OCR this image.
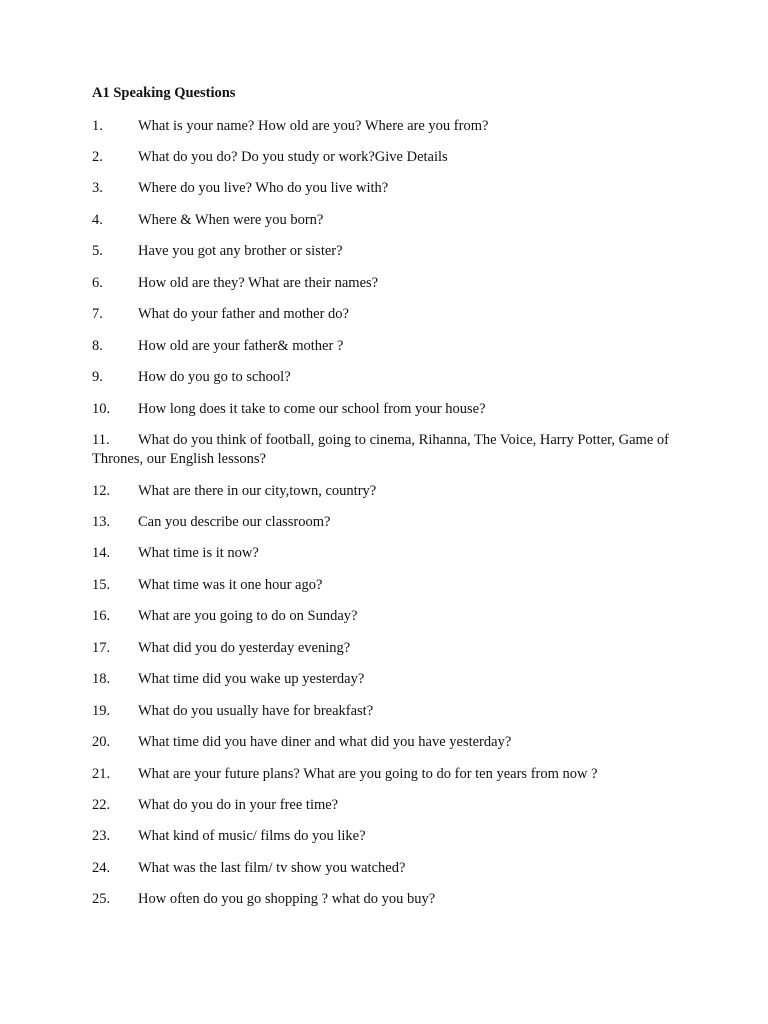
A1 Speaking Questions
1. What is your name? How old are you? Where are you from?
2. What do you do? Do you study or work?Give Details
3. Where do you live? Who do you live with?
4. Where & When were you born?
5. Have you got any brother or sister?
6. How old are they? What are their names?
7. What do your father and mother do?
8. How old are your father& mother ?
9. How do you go to school?
10. How long does it take to come our school from your house?
11. What do you think of football, going to cinema, Rihanna, The Voice, Harry Potter, Game of Thrones, our English lessons?
12. What are there in our city,town, country?
13. Can you describe our classroom?
14. What time is it now?
15. What time was it one hour ago?
16. What are you going to do on Sunday?
17. What did you do yesterday evening?
18. What time did you wake up yesterday?
19. What do you usually have for breakfast?
20. What time did you have diner and what did you have yesterday?
21. What are your future plans? What are you going to do for ten years from now ?
22. What do you do in your free time?
23. What kind of music/ films do you like?
24. What was the last film/ tv show you watched?
25. How often do you go shopping ? what do you buy?
